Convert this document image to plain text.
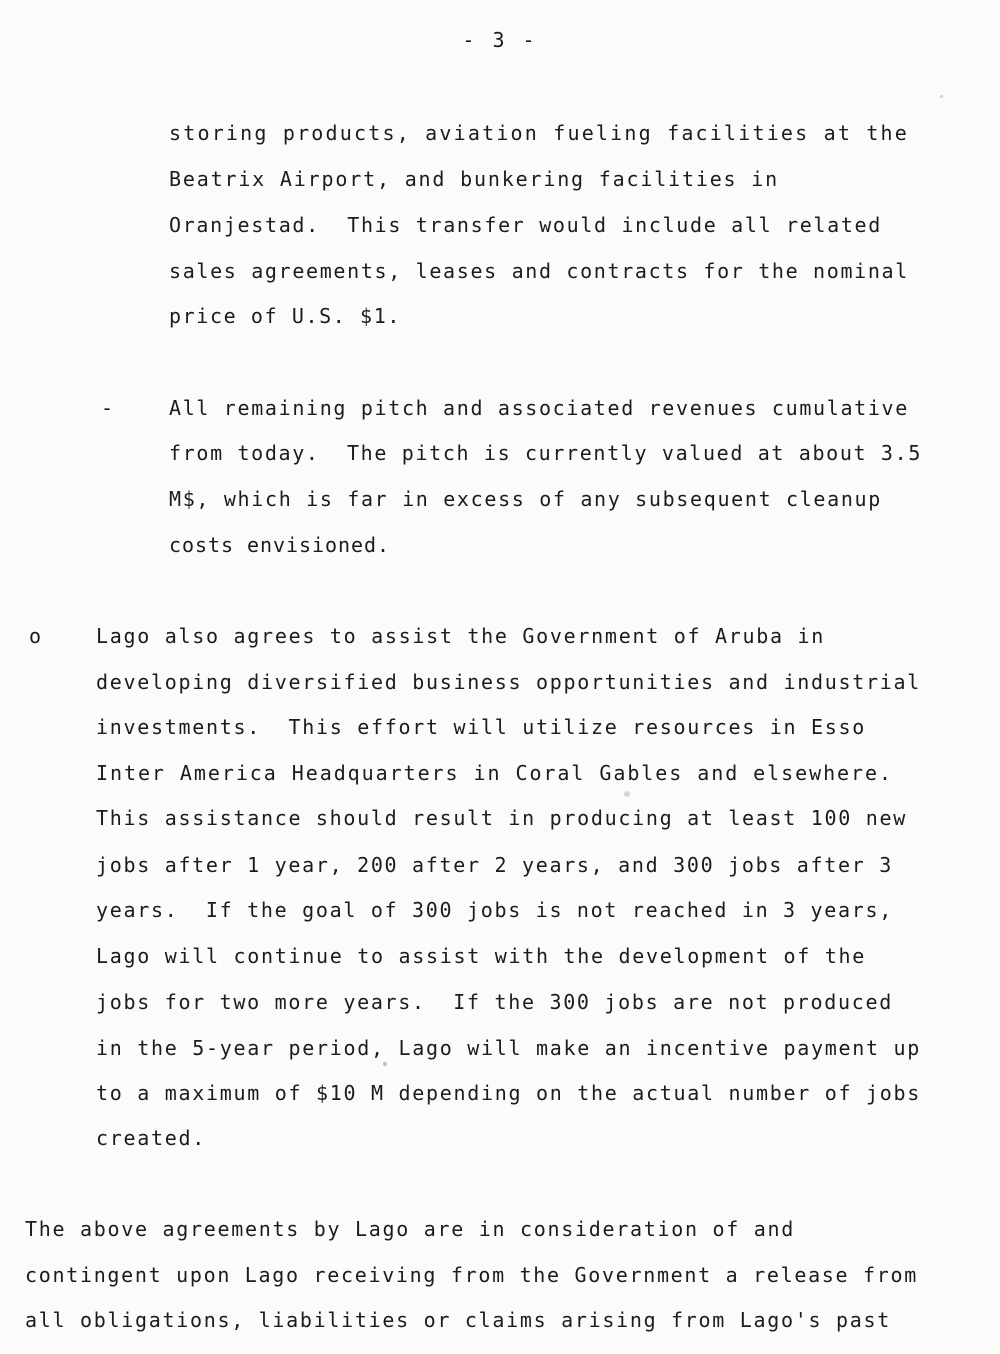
- 3 -
storing products, aviation fueling facilities at the
Beatrix Airport, and bunkering facilities in
Oranjestad.  This transfer would include all related
sales agreements, leases and contracts for the nominal
price of U.S. $1.
-	All remaining pitch and associated revenues cumulative
from today.  The pitch is currently valued at about 3.5
M$, which is far in excess of any subsequent cleanup
costs envisioned.
o	Lago also agrees to assist the Government of Aruba in
developing diversified business opportunities and industrial
investments.  This effort will utilize resources in Esso
Inter America Headquarters in Coral Gables and elsewhere.
This assistance should result in producing at least 100 new
jobs after 1 year, 200 after 2 years, and 300 jobs after 3
years.  If the goal of 300 jobs is not reached in 3 years,
Lago will continue to assist with the development of the
jobs for two more years.  If the 300 jobs are not produced
in the 5-year period, Lago will make an incentive payment up
to a maximum of $10 M depending on the actual number of jobs
created.
The above agreements by Lago are in consideration of and
contingent upon Lago receiving from the Government a release from
all obligations, liabilities or claims arising from Lago's past
